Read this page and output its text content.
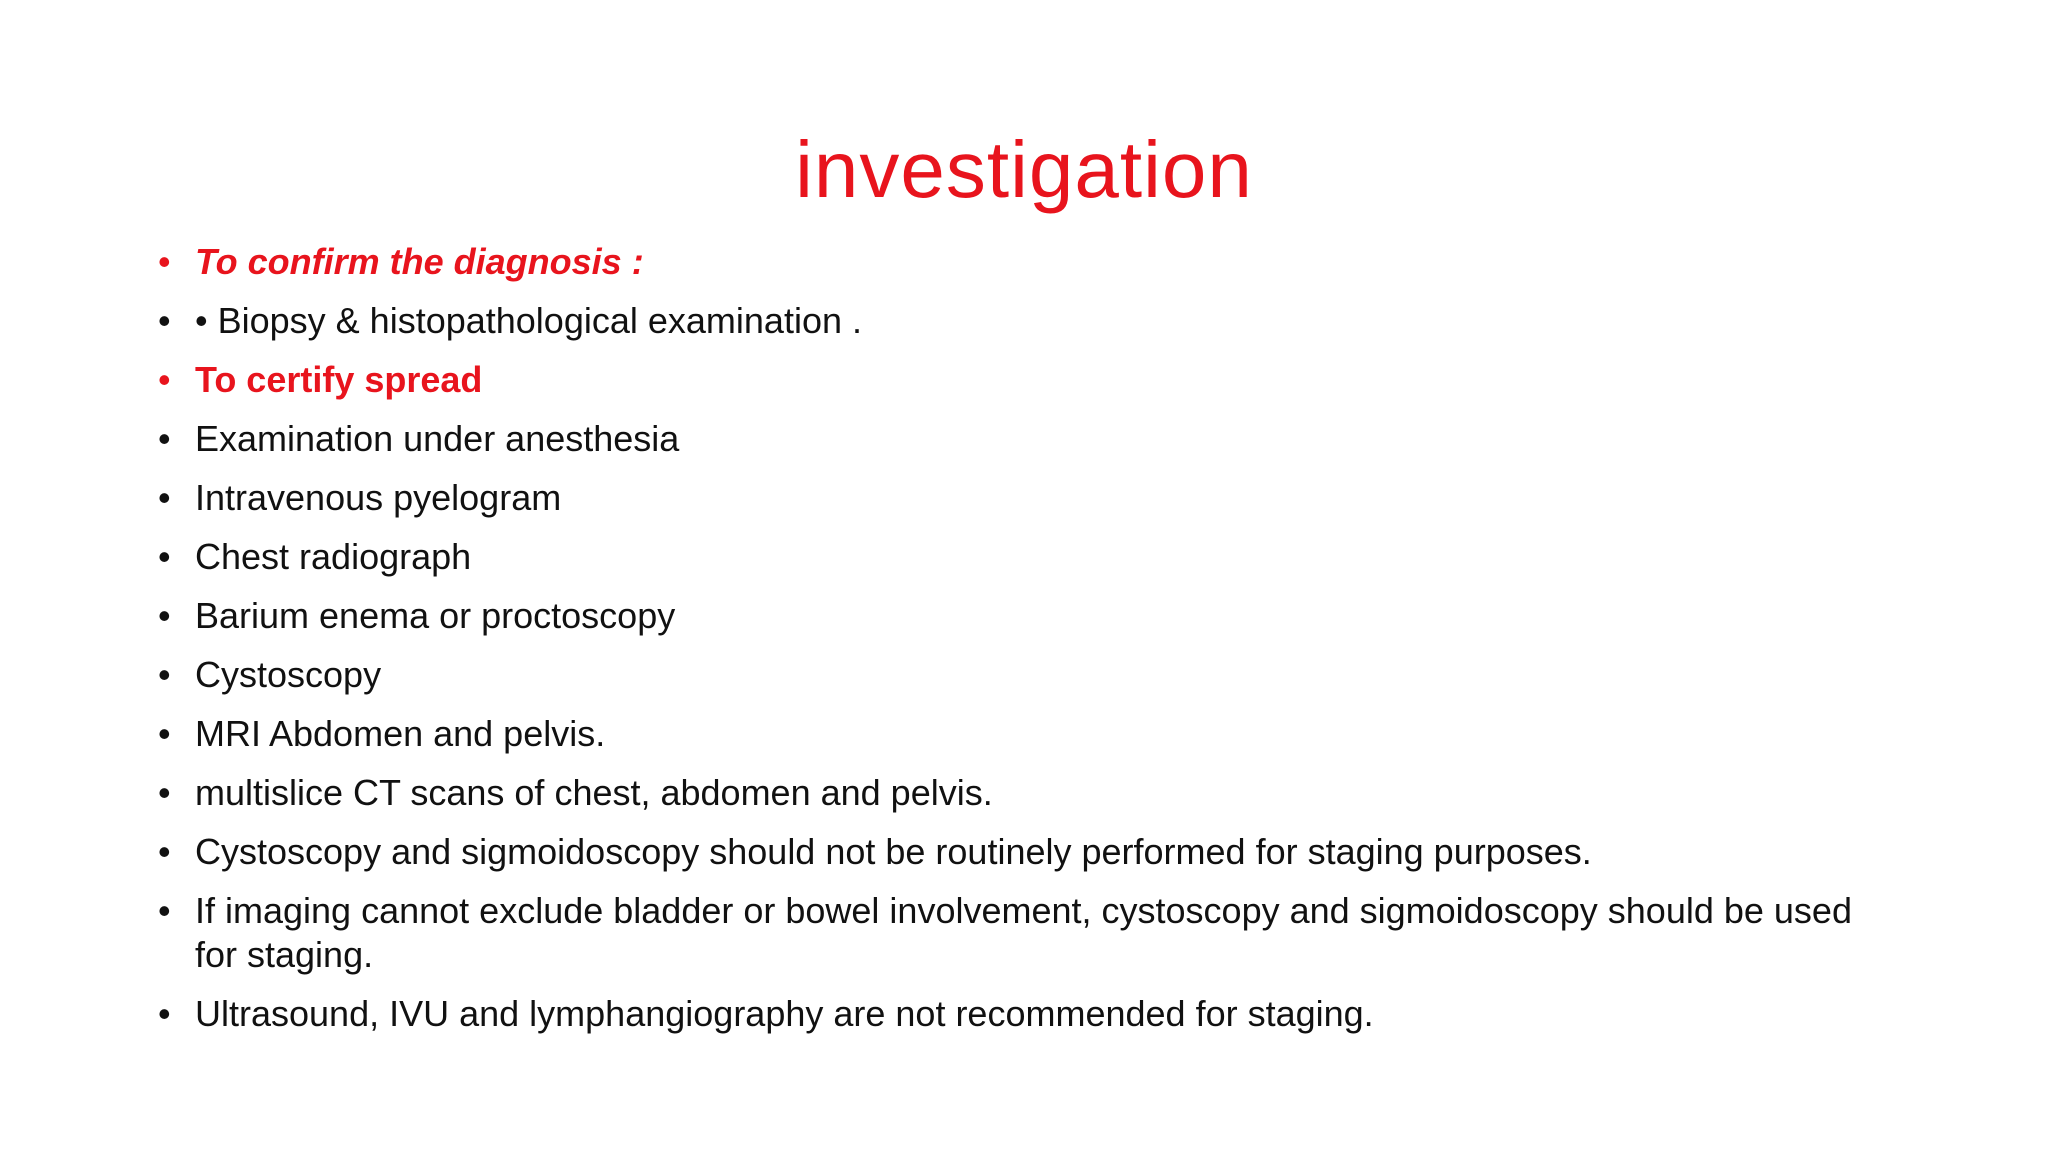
investigation
• To confirm the diagnosis :
• • Biopsy & histopathological examination .
• To certify spread
• Examination under anesthesia
• Intravenous pyelogram
• Chest radiograph
• Barium enema or proctoscopy
• Cystoscopy
• MRI Abdomen and pelvis.
• multislice CT scans of chest, abdomen and pelvis.
• Cystoscopy and sigmoidoscopy should not be routinely performed for staging purposes.
• If imaging cannot exclude bladder or bowel involvement, cystoscopy and sigmoidoscopy should be used for staging.
• Ultrasound, IVU and lymphangiography are not recommended for staging.
